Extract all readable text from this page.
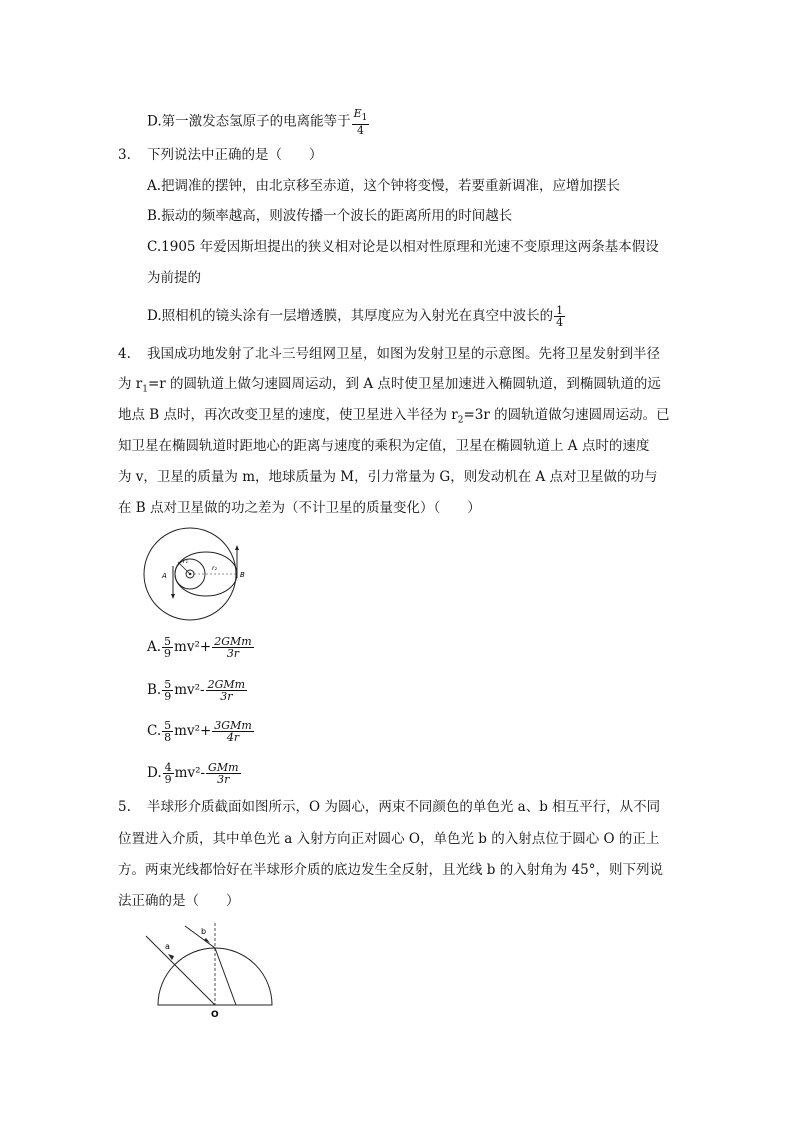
D.第一激发态氢原子的电离能等于 $\frac{E_1}{4}$
3. 下列说法中正确的是（　　）
A.把调准的摆钟，由北京移至赤道，这个钟将变慢，若要重新调准，应增加摆长
B.振动的频率越高，则波传播一个波长的距离所用的时间越长
C.1905 年爱因斯坦提出的狭义相对论是以相对性原理和光速不变原理这两条基本假设
为前提的
D.照相机的镜头涂有一层增透膜，其厚度应为入射光在真空中波长的 $\frac{1}{4}$
4. 我国成功地发射了北斗三号组网卫星，如图为发射卫星的示意图。先将卫星发射到半径
为 $r_1=r$ 的圆轨道上做匀速圆周运动，到 A 点时使卫星加速进入椭圆轨道，到椭圆轨道的远
地点 B 点时，再次改变卫星的速度，使卫星进入半径为 $r_2=3r$ 的圆轨道做匀速圆周运动。已
知卫星在椭圆轨道时距地心的距离与速度的乘积为定值，卫星在椭圆轨道上 A 点时的速度
为 v，卫星的质量为 m，地球质量为 M，引力常量为 G，则发动机在 A 点对卫星做的功与
在 B 点对卫星做的功之差为（不计卫星的质量变化）（　　）
A	B
r₁
r₂
A. $\frac{5}{9} mv^2+ \frac{\text{2GMm}}{3r}$
B. $\frac{5}{9} mv^2- \frac{\text{2GMm}}{3r}$
C. $\frac{5}{8} mv^2+ \frac{\text{3GMm}}{4r}$
D. $\frac{4}{9} mv^2- \frac{\text{GMm}}{3r}$
5. 半球形介质截面如图所示，O 为圆心，两束不同颜色的单色光 a、b 相互平行，从不同
位置进入介质，其中单色光 a 入射方向正对圆心 O，单色光 b 的入射点位于圆心 O 的正上
方。两束光线都恰好在半球形介质的底边发生全反射，且光线 b 的入射角为 45°，则下列说
法正确的是（　　）
a
b
O
